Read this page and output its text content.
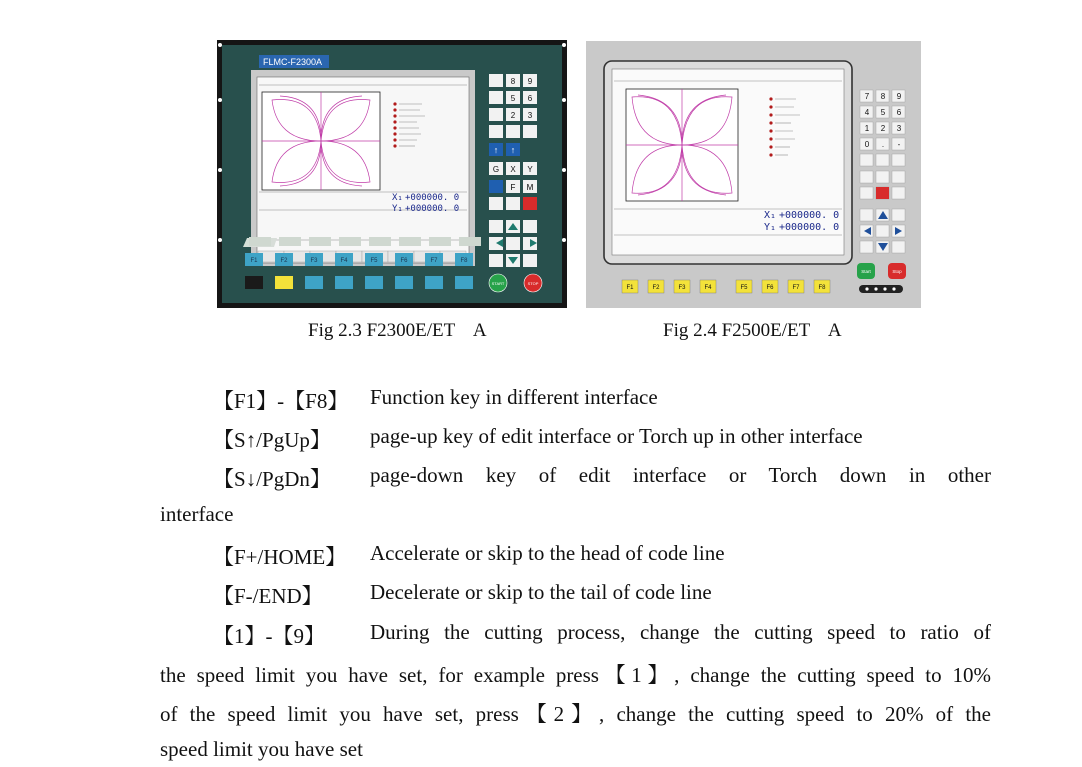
FLMC-F2300A
X₁ +000000. 0
Y₁ +000000. 0
8 9
5 6
2 3
G X Y
↑ ↑
F M
F1	F2	F3	F4	F5	F6	F7	F8
START	STOP
X₁ +000000. 0
Y₁ +000000. 0
7 8 9
4 5 6
1 2 3
0 . -
F1	F2	F3	F4	F5	F6	F7	F8
Start	Stop
Fig 2.3 F2300E/ET    A	Fig 2.4 F2500E/ET    A
【F1】-【F8】 Function key in different interface
【S↑/PgUp】 page-up key of edit interface or Torch up in other interface
【S↓/PgDn】 page-down key of edit interface or Torch down in other
interface
【F+/HOME】 Accelerate or skip to the head of code line
【F-/END】 Decelerate or skip to the tail of code line
【1】-【9】 During the cutting process, change the cutting speed to ratio of
the speed limit you have set, for example press【1】, change the cutting speed to 10%
of the speed limit you have set, press【2】, change the cutting speed to 20% of the
speed limit you have set
